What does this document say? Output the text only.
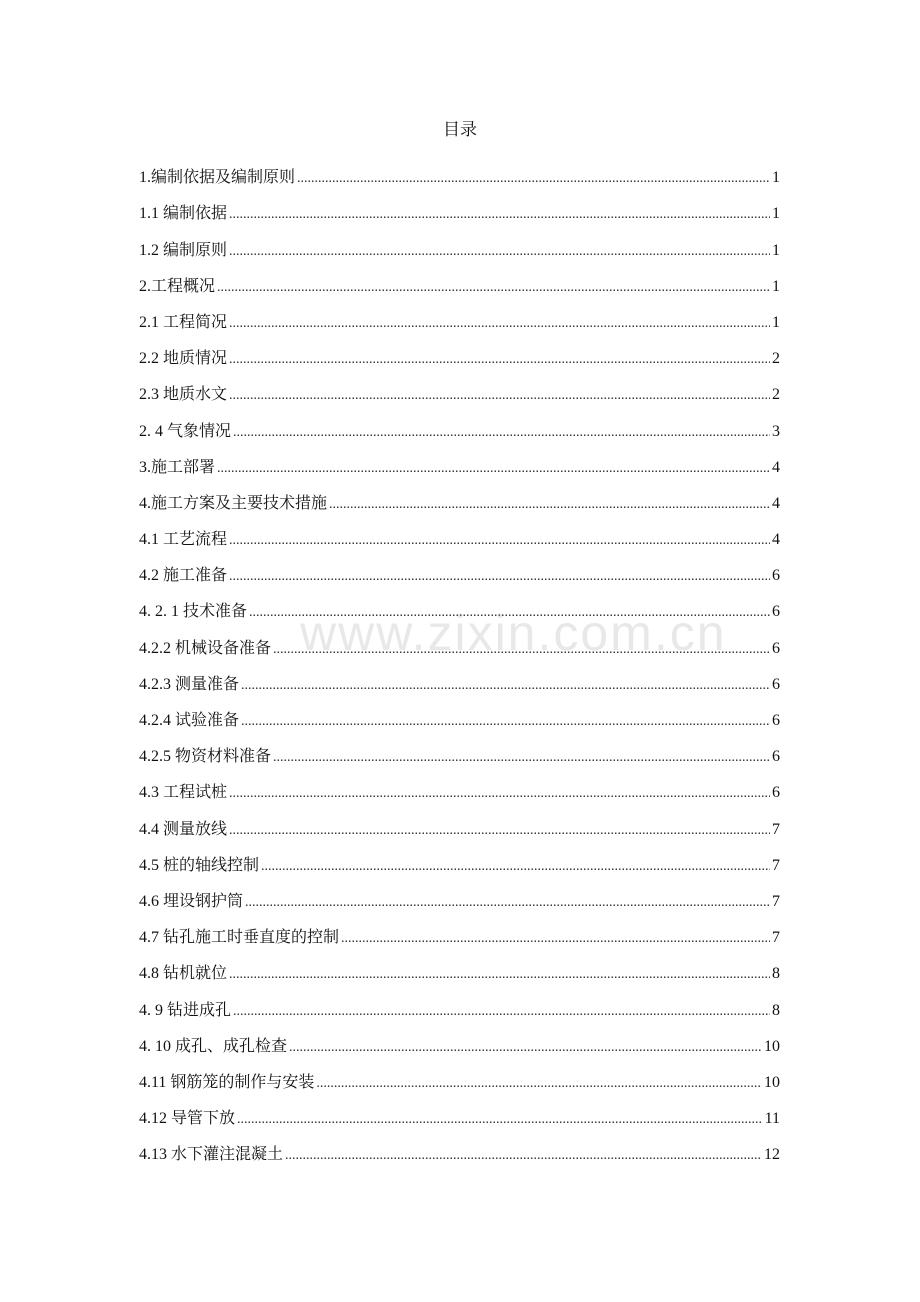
目录
1.编制依据及编制原则 .....	1
1.1 编制依据 .....	1
1.2 编制原则 .....	1
2.工程概况 .....	1
2.1 工程简况 .....	1
2.2 地质情况 .....	2
2.3 地质水文 .....	2
2. 4 气象情况 .....	3
3.施工部署 .....	4
4.施工方案及主要技术措施 .....	4
4.1 工艺流程 .....	4
4.2 施工准备 .....	6
4. 2. 1 技术准备 .....	6
4.2.2 机械设备准备 .....	6
4.2.3 测量准备 .....	6
4.2.4 试验准备 .....	6
4.2.5 物资材料准备 .....	6
4.3 工程试桩 .....	6
4.4 测量放线 .....	7
4.5 桩的轴线控制 .....	7
4.6 埋设钢护筒 .....	7
4.7 钻孔施工时垂直度的控制 .....	7
4.8 钻机就位 .....	8
4. 9 钻进成孔 .....	8
4. 10 成孔、成孔检查 .....	10
4.11 钢筋笼的制作与安装 .....	10
4.12 导管下放 .....	11
4.13 水下灌注混凝土 .....	12
www.zixin.com.cn
